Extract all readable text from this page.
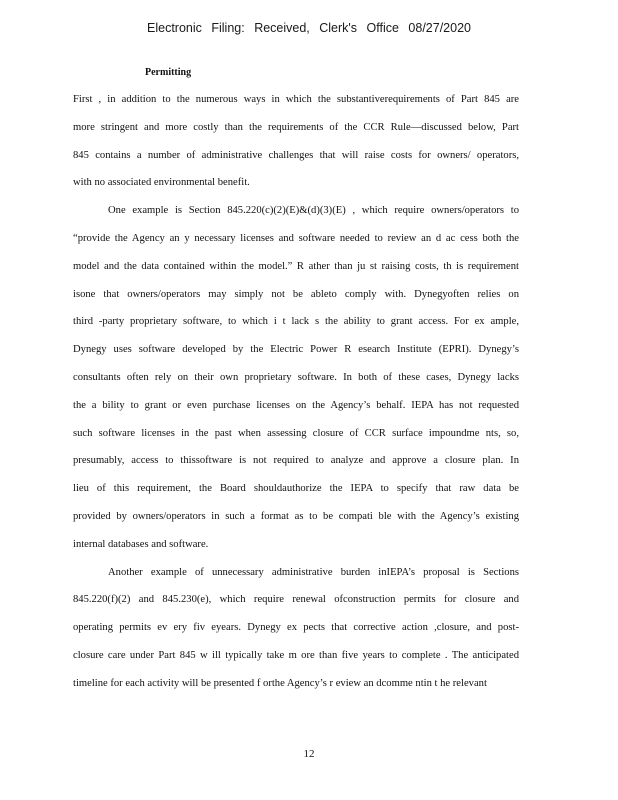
Electronic Filing: Received, Clerk's Office 08/27/2020
Permitting
First , in addition to the numerous ways in which the substantiverequirements of Part 845 are
more stringent and more costly than the requirements of the CCR Rule—discussed below, Part
845 contains a number of administrative challenges that will raise costs for owners/ operators,
with no associated environmental benefit.
One example is Section 845.220(c)(2)(E)&(d)(3)(E) , which require owners/operators to
“provide the Agency an y necessary licenses and software needed to review an d ac cess both the
model and the data contained within the model.” R ather than ju st raising costs, th is requirement
isone that owners/operators may simply not be ableto comply with. Dynegyoften relies on
third -party proprietary software, to which i t lack s the ability to grant access. For ex ample,
Dynegy uses software developed by the Electric Power R esearch Institute (EPRI). Dynegy’s
consultants often rely on their own proprietary software. In both of these cases, Dynegy lacks
the a bility to grant or even purchase licenses on the Agency’s behalf. IEPA has not requested
such software licenses in the past when assessing closure of CCR surface impoundme nts, so,
presumably, access to thissoftware is not required to analyze and approve a closure plan. In
lieu of this requirement, the Board shouldauthorize the IEPA to specify that raw data be
provided by owners/operators in such a format as to be compati ble with the Agency’s existing
internal databases and software.
Another example of unnecessary administrative burden inIEPA’s proposal is Sections
845.220(f)(2) and 845.230(e), which require renewal ofconstruction permits for closure and
operating permits ev ery fiv eyears. Dynegy ex pects that corrective action ,closure, and post-
closure care under Part 845 w ill typically take m ore than five years to complete . The anticipated
timeline for each activity will be presented f orthe Agency’s r eview an dcomme ntin t he relevant
12
